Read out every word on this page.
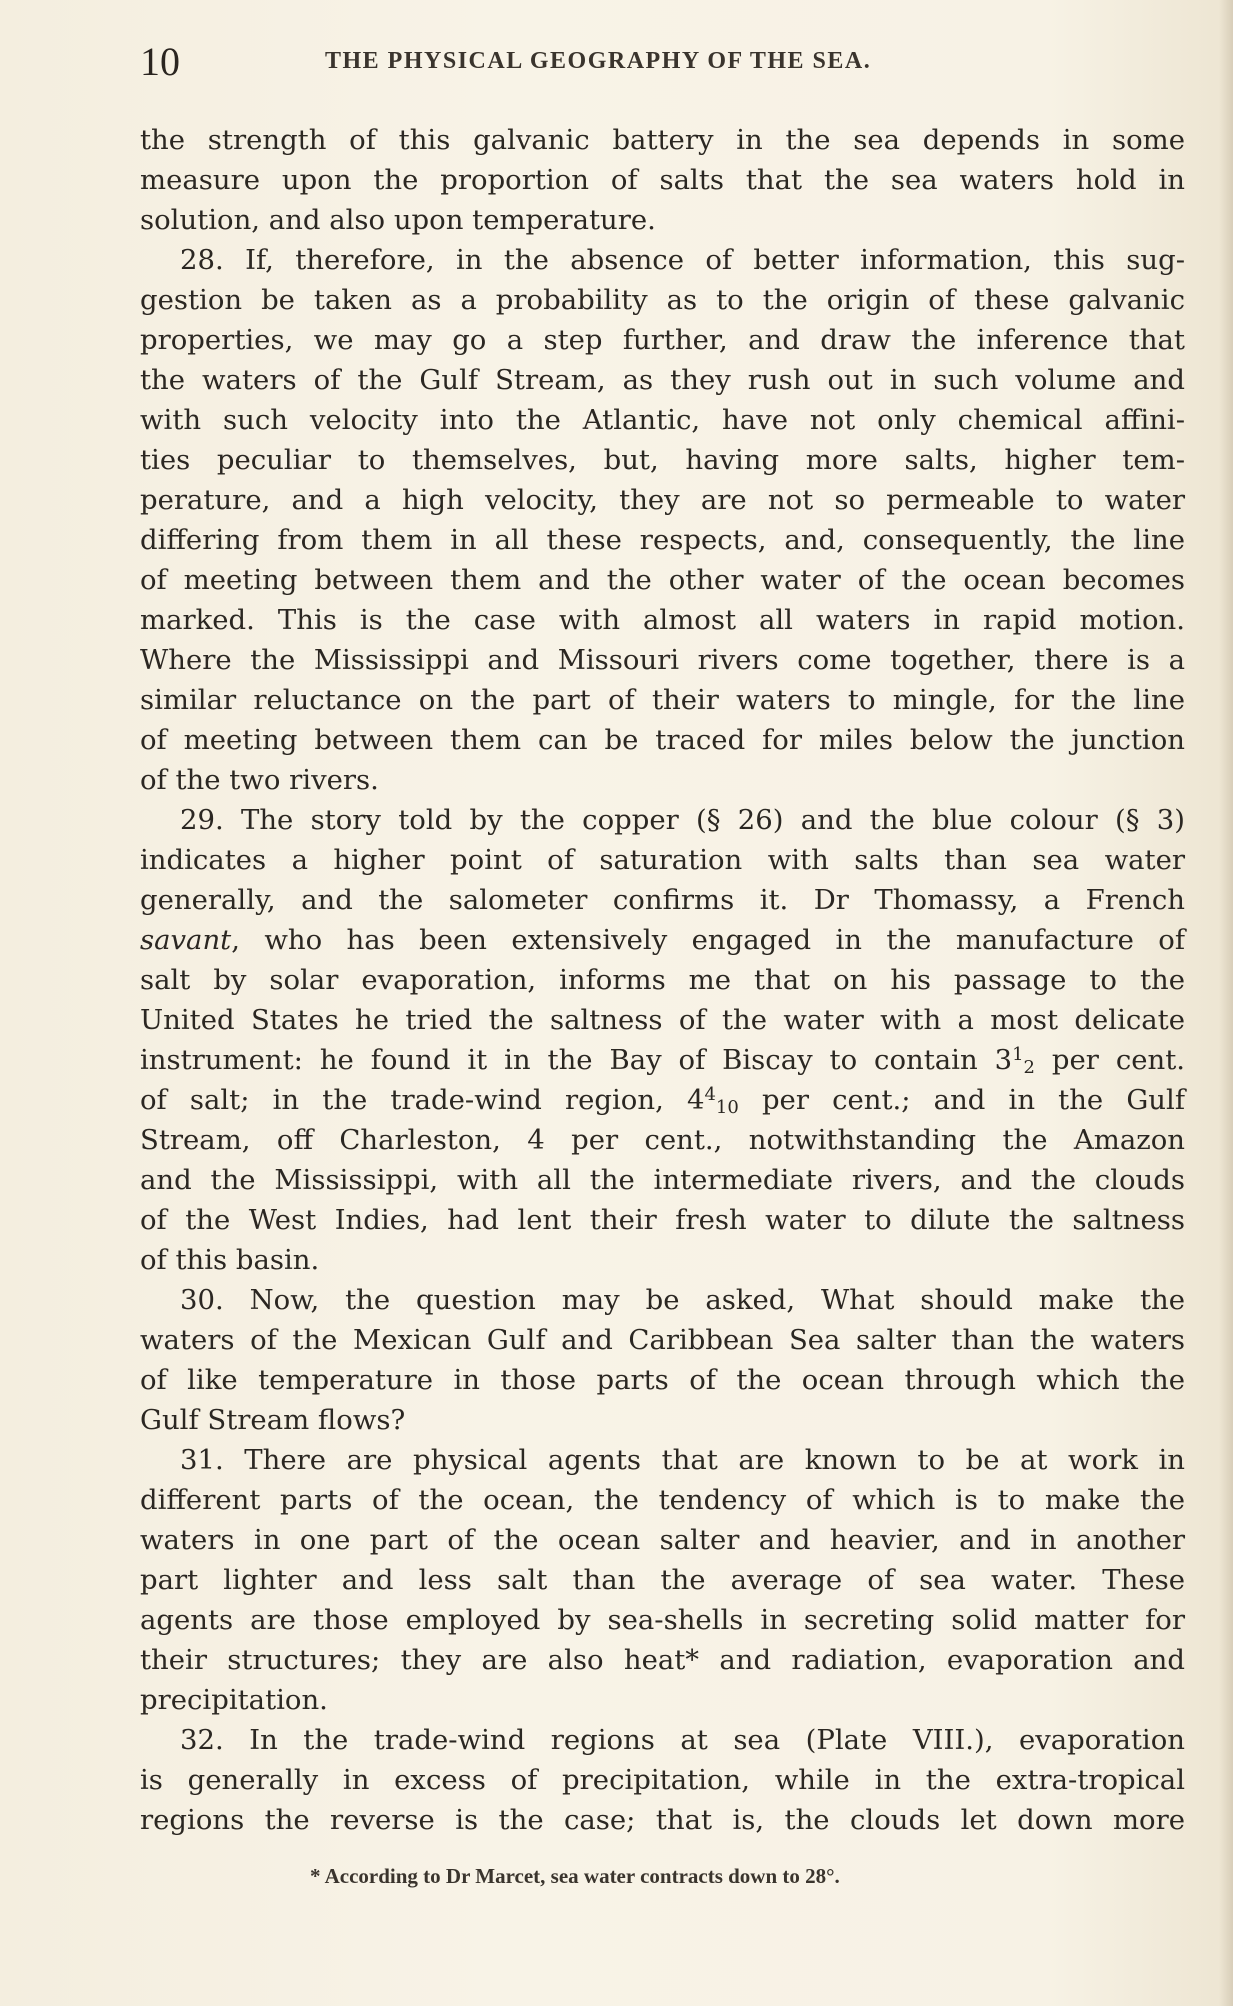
10	THE PHYSICAL GEOGRAPHY OF THE SEA.
the strength of this galvanic battery in the sea depends in some
measure upon the proportion of salts that the sea waters hold in
solution, and also upon temperature.
28. If, therefore, in the absence of better information, this sug-
gestion be taken as a probability as to the origin of these galvanic
properties, we may go a step further, and draw the inference that
the waters of the Gulf Stream, as they rush out in such volume and
with such velocity into the Atlantic, have not only chemical affini-
ties peculiar to themselves, but, having more salts, higher tem-
perature, and a high velocity, they are not so permeable to water
differing from them in all these respects, and, consequently, the line
of meeting between them and the other water of the ocean becomes
marked. This is the case with almost all waters in rapid motion.
Where the Mississippi and Missouri rivers come together, there is a
similar reluctance on the part of their waters to mingle, for the line
of meeting between them can be traced for miles below the junction
of the two rivers.
29. The story told by the copper (§ 26) and the blue colour (§ 3)
indicates a higher point of saturation with salts than sea water
generally, and the salometer confirms it. Dr Thomassy, a French
savant, who has been extensively engaged in the manufacture of
salt by solar evaporation, informs me that on his passage to the
United States he tried the saltness of the water with a most delicate
instrument: he found it in the Bay of Biscay to contain 312 per cent.
of salt; in the trade-wind region, 4410 per cent.; and in the Gulf
Stream, off Charleston, 4 per cent., notwithstanding the Amazon
and the Mississippi, with all the intermediate rivers, and the clouds
of the West Indies, had lent their fresh water to dilute the saltness
of this basin.
30. Now, the question may be asked, What should make the
waters of the Mexican Gulf and Caribbean Sea salter than the waters
of like temperature in those parts of the ocean through which the
Gulf Stream flows?
31. There are physical agents that are known to be at work in
different parts of the ocean, the tendency of which is to make the
waters in one part of the ocean salter and heavier, and in another
part lighter and less salt than the average of sea water. These
agents are those employed by sea-shells in secreting solid matter for
their structures; they are also heat* and radiation, evaporation and
precipitation.
32. In the trade-wind regions at sea (Plate VIII.), evaporation
is generally in excess of precipitation, while in the extra-tropical
regions the reverse is the case; that is, the clouds let down more
* According to Dr Marcet, sea water contracts down to 28°.
